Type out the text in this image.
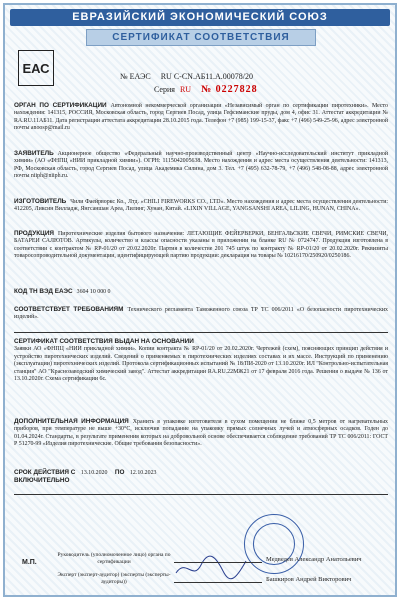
ЕВРАЗИЙСКИЙ ЭКОНОМИЧЕСКИЙ СОЮЗ
СЕРТИФИКАТ СООТВЕТСТВИЯ
ЕАС
№ ЕАЭС RU C-CN.АБ11.А.00078/20
Серия RU № 0227828
ОРГАН ПО СЕРТИФИКАЦИИ Автономной некоммерческой организации «Независимый орган по сертификации пиротехники». Место нахождения: 141315, РОССИЯ, Московская область, город Сергиев Посад, улица Гефсиманские пруды, дом 4, офис 31. Аттестат аккредитации № RA.RU.11АБ11. Дата регистрации аттестата аккредитации 28.10.2015 года. Телефон +7 (985) 199-15-37, факс +7 (496) 549-25-96, адрес электронной почты anoosp@mail.ru
ЗАЯВИТЕЛЬ Акционерное общество «Федеральный научно-производственный центр «Научно-исследовательский институт прикладной химии» (АО «ФНПЦ «НИИ прикладной химии»). ОГРН: 1115042005638. Место нахождения и адрес места осуществления деятельности: 141313, РФ, Московская область, город Сергиев Посад, улица Академика Силина, дом 3. Тел. +7 (495) 632-78-79, +7 (496) 548-08-88, адрес электронной почты niiph@niiph.ru.
ИЗГОТОВИТЕЛЬ Чили Фаейрворкс Ко., Лтд. «CHILI FIREWORKS CO., LTD». Место нахождения и адрес места осуществления деятельности: 412205, Ликсин Вилладж, Янгсаншан Ареа, Лилинг, Хунан, Китай. «LIXIN VILLAGE, YANGSANSHI AREA, LILING, HUNAN, CHINA».
ПРОДУКЦИЯ Пиротехнические изделия бытового назначения: ЛЕТАЮЩИЕ ФЕЙЕРВЕРКИ, БЕНГАЛЬСКИЕ СВЕЧИ, РИМСКИЕ СВЕЧИ, БАТАРЕИ САЛЮТОВ. Артикулы, количество и классы опасности указаны в приложении на бланке RU № 0724747. Продукция изготовлена в соответствии с контрактом № RP-01/20 от 20.02.2020г. Партия в количестве 201 745 штук по контракту № RP-01/20 от 20.02.2020г. Реквизиты товаросопроводительной документации, идентифицирующей партию продукции: декларация на товары № 10216170/250920/0250186.
КОД ТН ВЭД ЕАЭС 3604 10 000 0
СООТВЕТСТВУЕТ ТРЕБОВАНИЯМ Технического регламента Таможенного союза ТР ТС 006/2011 «О безопасности пиротехнических изделий».
СЕРТИФИКАТ СООТВЕТСТВИЯ ВЫДАН НА ОСНОВАНИИ
Заявки АО «ФНПЦ «НИИ прикладной химии». Копии контракта № RP-01/20 от 20.02.2020г. Чертежей (схем), поясняющих принцип действия и устройство пиротехнических изделий. Сведений о применяемых в пиротехнических изделиях составах и их массе. Инструкций по применению (эксплуатации) пиротехнических изделий. Протокола сертификационных испытаний № 18/ПИ-2020 от 13.10.2020г. ИЛ "Контрольно-испытательная станция" АО "Краснозаводский химический завод". Аттестат аккредитации RA.RU.22МЖ21 от 17 февраля 2016 года. Решения о выдаче № 136 от 13.10.2020г. Схема сертификации 6с.
ДОПОЛНИТЕЛЬНАЯ ИНФОРМАЦИЯ Хранить в упаковке изготовителя в сухом помещении не ближе 0,5 метров от нагревательных приборов, при температуре не выше +30°С, исключив попадание на упаковку прямых солнечных лучей и атмосферных осадков. Годен до 01.04.2024г. Стандарты, в результате применения которых на добровольной основе обеспечивается соблюдение требований ТР ТС 006/2011: ГОСТ Р 51270-99 «Изделия пиротехнические. Общие требования безопасности».
СРОК ДЕЙСТВИЯ С 13.10.2020 ПО 12.10.2023
ВКЛЮЧИТЕЛЬНО
М.П.
Руководитель (уполномоченное лицо) органа по сертификации	Медведев Александр Анатольевич
Эксперт (эксперт-аудитор) (эксперты (эксперты-аудиторы))	Башкиров Андрей Викторович
